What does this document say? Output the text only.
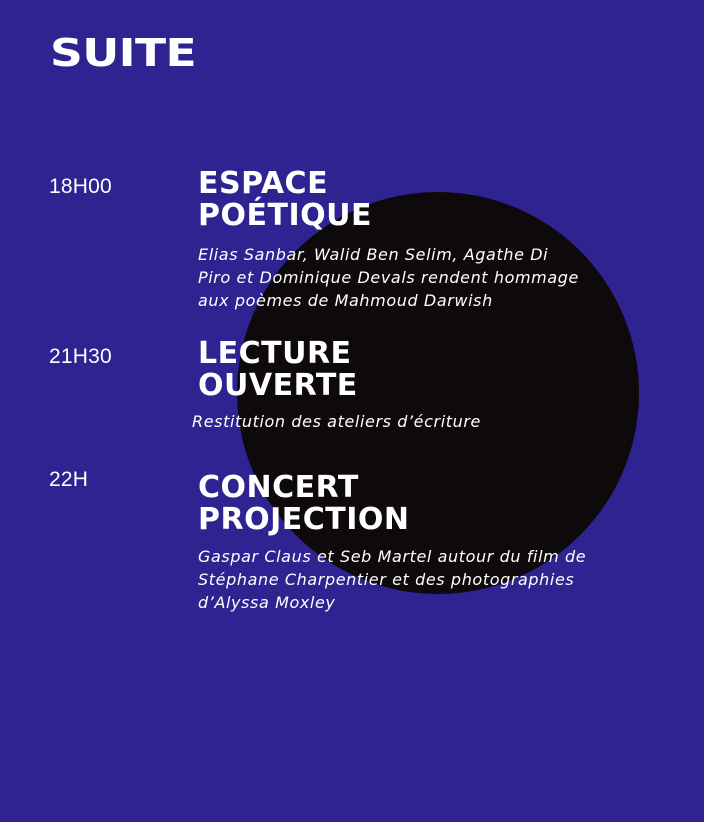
SUITE
18H00	ESPACE
POÉTIQUE

Elias Sanbar, Walid Ben Selim, Agathe Di
Piro et Dominique Devals rendent hommage
aux poèmes de Mahmoud Darwish

21H30	LECTURE
OUVERTE

Restitution des ateliers d’écriture

22H	CONCERT
PROJECTION

Gaspar Claus et Seb Martel autour du film de
Stéphane Charpentier et des photographies
d’Alyssa Moxley
